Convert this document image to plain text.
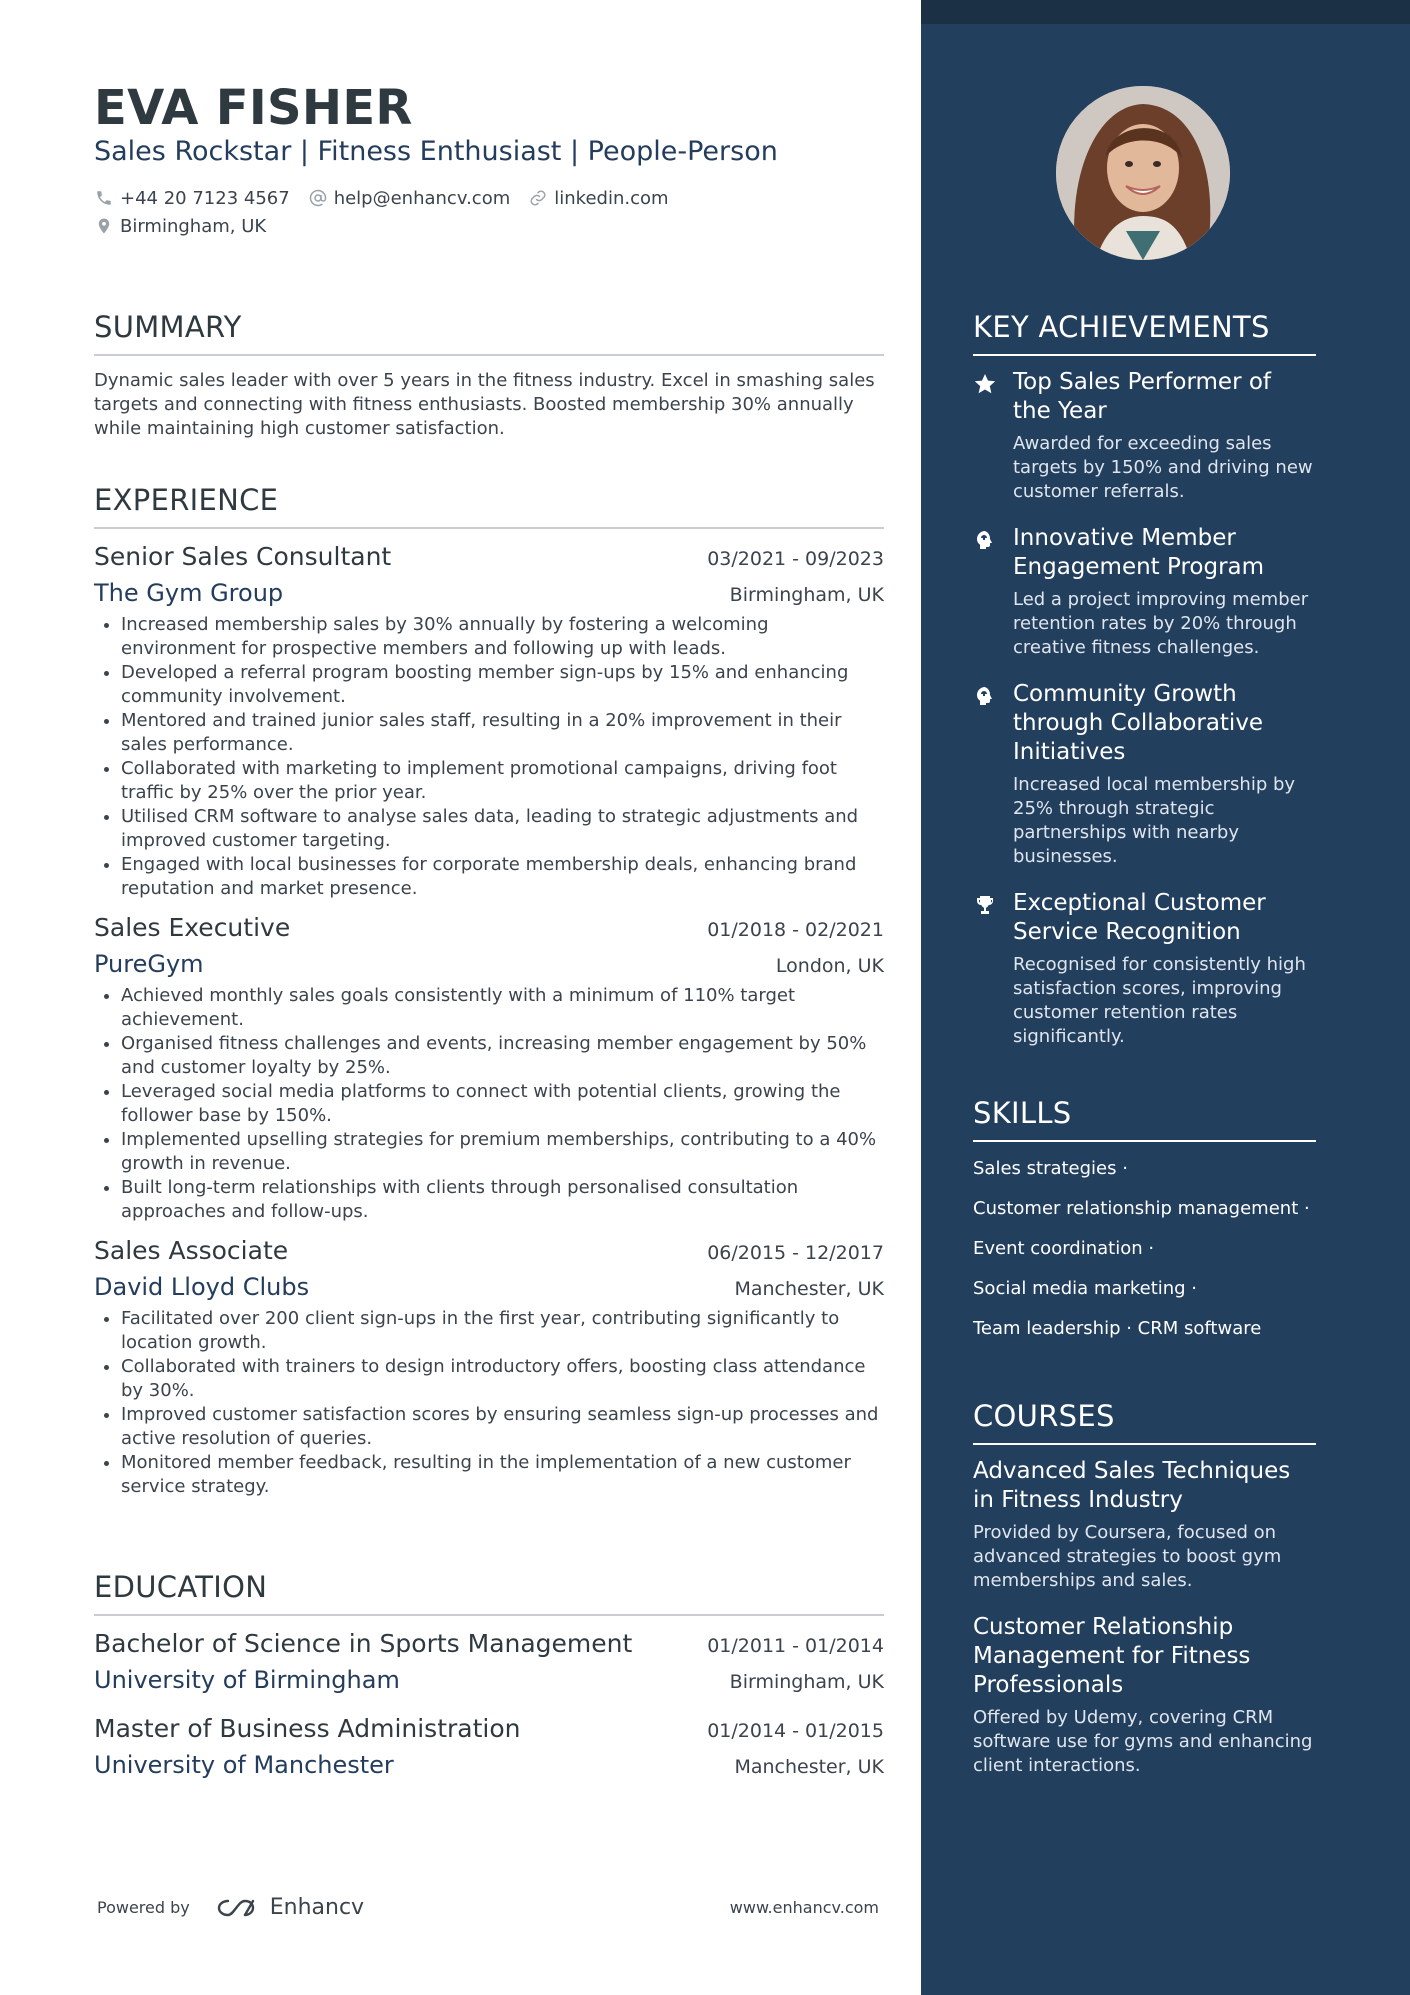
EVA FISHER
Sales Rockstar | Fitness Enthusiast | People-Person
+44 20 7123 4567 help@enhancv.com linkedin.com
Birmingham, UK
SUMMARY
Dynamic sales leader with over 5 years in the fitness industry. Excel in smashing sales targets and connecting with fitness enthusiasts. Boosted membership 30% annually while maintaining high customer satisfaction.
EXPERIENCE
Senior Sales Consultant	03/2021 - 09/2023
The Gym Group	Birmingham, UK
• Increased membership sales by 30% annually by fostering a welcoming environment for prospective members and following up with leads.
• Developed a referral program boosting member sign-ups by 15% and enhancing community involvement.
• Mentored and trained junior sales staff, resulting in a 20% improvement in their sales performance.
• Collaborated with marketing to implement promotional campaigns, driving foot traffic by 25% over the prior year.
• Utilised CRM software to analyse sales data, leading to strategic adjustments and improved customer targeting.
• Engaged with local businesses for corporate membership deals, enhancing brand reputation and market presence.
Sales Executive	01/2018 - 02/2021
PureGym	London, UK
• Achieved monthly sales goals consistently with a minimum of 110% target achievement.
• Organised fitness challenges and events, increasing member engagement by 50% and customer loyalty by 25%.
• Leveraged social media platforms to connect with potential clients, growing the follower base by 150%.
• Implemented upselling strategies for premium memberships, contributing to a 40% growth in revenue.
• Built long-term relationships with clients through personalised consultation approaches and follow-ups.
Sales Associate	06/2015 - 12/2017
David Lloyd Clubs	Manchester, UK
• Facilitated over 200 client sign-ups in the first year, contributing significantly to location growth.
• Collaborated with trainers to design introductory offers, boosting class attendance by 30%.
• Improved customer satisfaction scores by ensuring seamless sign-up processes and active resolution of queries.
• Monitored member feedback, resulting in the implementation of a new customer service strategy.
EDUCATION
Bachelor of Science in Sports Management	01/2011 - 01/2014
University of Birmingham	Birmingham, UK
Master of Business Administration	01/2014 - 01/2015
University of Manchester	Manchester, UK
Powered by	Enhancv	www.enhancv.com
KEY ACHIEVEMENTS
Top Sales Performer of the Year
Awarded for exceeding sales targets by 150% and driving new customer referrals.
Innovative Member Engagement Program
Led a project improving member retention rates by 20% through creative fitness challenges.
Community Growth through Collaborative Initiatives
Increased local membership by 25% through strategic partnerships with nearby businesses.
Exceptional Customer Service Recognition
Recognised for consistently high satisfaction scores, improving customer retention rates significantly.
SKILLS
Sales strategies ·
Customer relationship management ·
Event coordination ·
Social media marketing ·
Team leadership · CRM software
COURSES
Advanced Sales Techniques in Fitness Industry
Provided by Coursera, focused on advanced strategies to boost gym memberships and sales.
Customer Relationship Management for Fitness Professionals
Offered by Udemy, covering CRM software use for gyms and enhancing client interactions.
